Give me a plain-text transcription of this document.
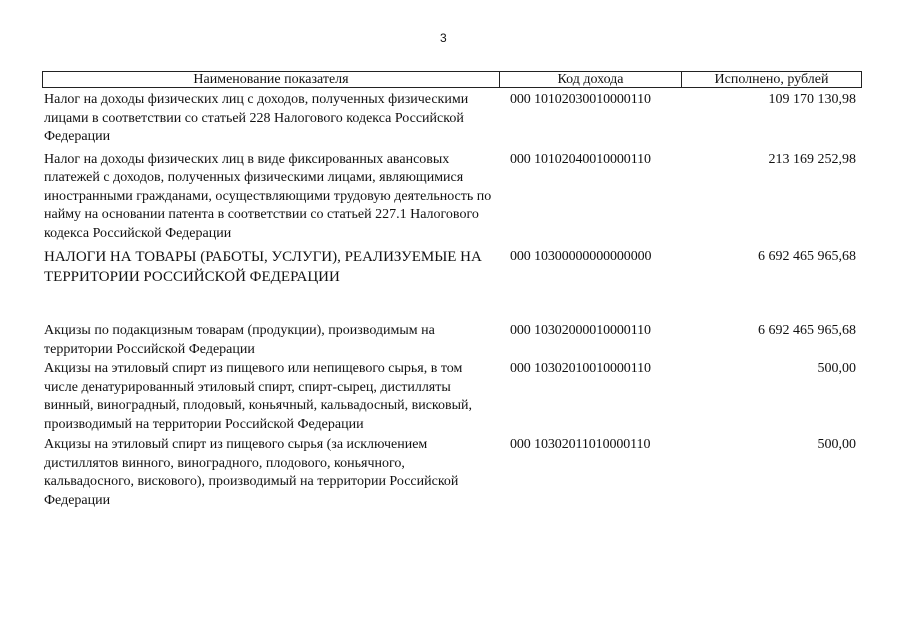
3
Наименование показателя	Код дохода	Исполнено, рублей
Налог на доходы физических лиц с доходов, полученных физическими лицами в соответствии со статьей 228 Налогового кодекса Российской Федерации
000 10102030010000110	109 170 130,98
Налог на доходы физических лиц в виде фиксированных авансовых платежей с доходов, полученных физическими лицами, являющимися иностранными гражданами, осуществляющими трудовую деятельность по найму на основании патента в соответствии со статьей 227.1 Налогового кодекса Российской Федерации
000 10102040010000110	213 169 252,98
НАЛОГИ НА ТОВАРЫ (РАБОТЫ, УСЛУГИ), РЕАЛИЗУЕМЫЕ НА ТЕРРИТОРИИ РОССИЙСКОЙ ФЕДЕРАЦИИ
000 10300000000000000	6 692 465 965,68
Акцизы по подакцизным товарам (продукции), производимым на территории Российской Федерации
000 10302000010000110	6 692 465 965,68
Акцизы на этиловый спирт из пищевого или непищевого сырья, в том числе денатурированный этиловый спирт, спирт-сырец, дистилляты винный, виноградный, плодовый, коньячный, кальвадосный, висковый, производимый на территории Российской Федерации
000 10302010010000110	500,00
Акцизы на этиловый спирт из пищевого сырья (за исключением дистиллятов винного, виноградного, плодового, коньячного, кальвадосного, вискового), производимый на территории Российской Федерации
000 10302011010000110	500,00
